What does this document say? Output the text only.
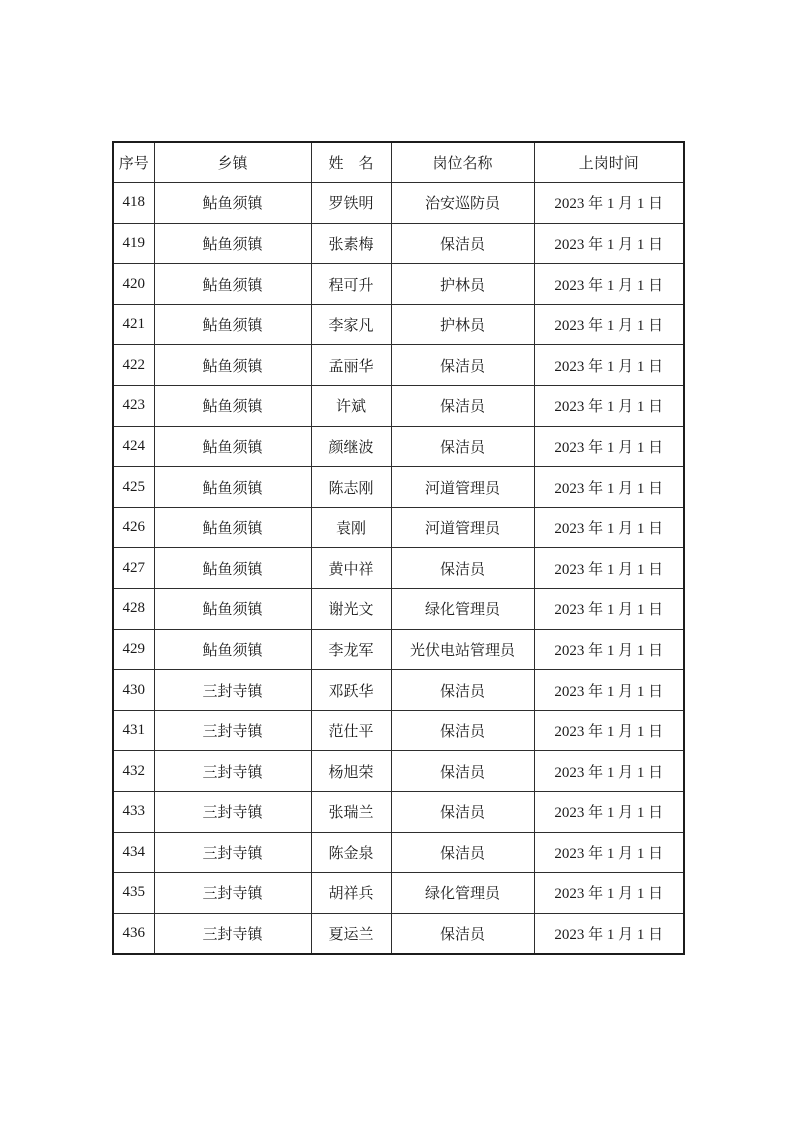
序号	乡镇	姓　名	岗位名称	上岗时间
418	鲇鱼须镇	罗铁明	治安巡防员	2023 年 1 月 1 日
419	鲇鱼须镇	张素梅	保洁员	2023 年 1 月 1 日
420	鲇鱼须镇	程可升	护林员	2023 年 1 月 1 日
421	鲇鱼须镇	李家凡	护林员	2023 年 1 月 1 日
422	鲇鱼须镇	孟丽华	保洁员	2023 年 1 月 1 日
423	鲇鱼须镇	许斌	保洁员	2023 年 1 月 1 日
424	鲇鱼须镇	颜继波	保洁员	2023 年 1 月 1 日
425	鲇鱼须镇	陈志刚	河道管理员	2023 年 1 月 1 日
426	鲇鱼须镇	袁刚	河道管理员	2023 年 1 月 1 日
427	鲇鱼须镇	黄中祥	保洁员	2023 年 1 月 1 日
428	鲇鱼须镇	谢光文	绿化管理员	2023 年 1 月 1 日
429	鲇鱼须镇	李龙军	光伏电站管理员	2023 年 1 月 1 日
430	三封寺镇	邓跃华	保洁员	2023 年 1 月 1 日
431	三封寺镇	范仕平	保洁员	2023 年 1 月 1 日
432	三封寺镇	杨旭荣	保洁员	2023 年 1 月 1 日
433	三封寺镇	张瑞兰	保洁员	2023 年 1 月 1 日
434	三封寺镇	陈金泉	保洁员	2023 年 1 月 1 日
435	三封寺镇	胡祥兵	绿化管理员	2023 年 1 月 1 日
436	三封寺镇	夏运兰	保洁员	2023 年 1 月 1 日
